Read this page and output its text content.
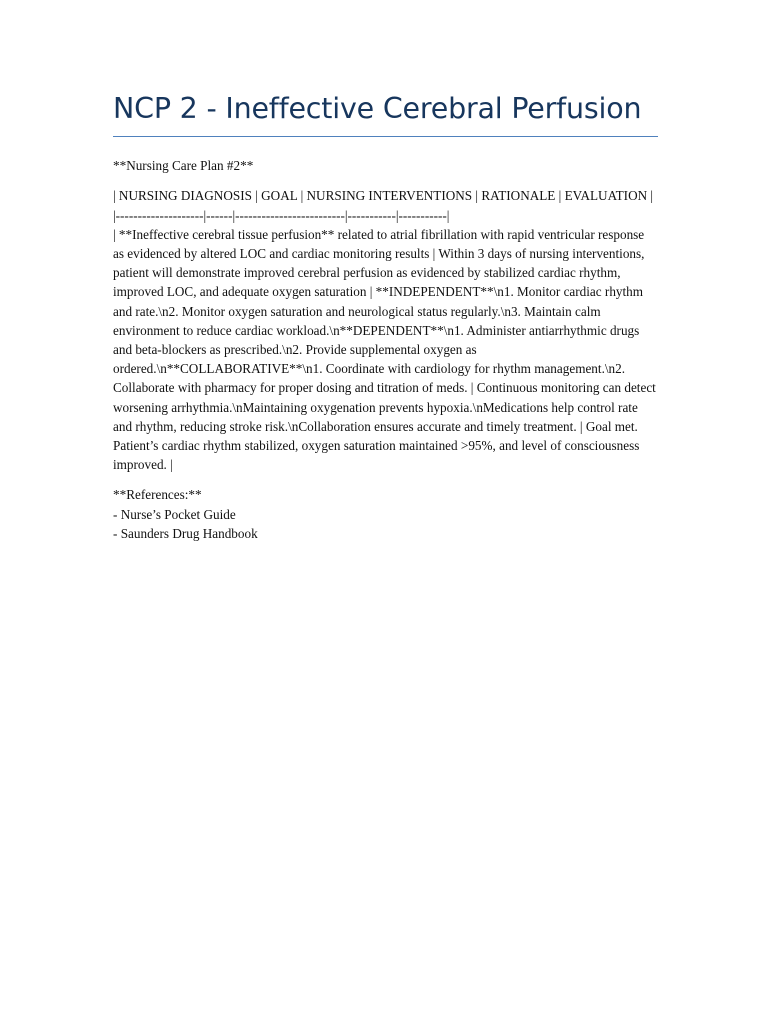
NCP 2 - Ineffective Cerebral Perfusion

**Nursing Care Plan #2**

| NURSING DIAGNOSIS | GOAL | NURSING INTERVENTIONS | RATIONALE | EVALUATION |

|--------------------|------|-------------------------|-----------|-----------|

| **Ineffective cerebral tissue perfusion** related to atrial fibrillation with rapid ventricular response as evidenced by altered LOC and cardiac monitoring results | Within 3 days of nursing interventions, patient will demonstrate improved cerebral perfusion as evidenced by stabilized cardiac rhythm, improved LOC, and adequate oxygen saturation | **INDEPENDENT**\n1. Monitor cardiac rhythm and rate.\n2. Monitor oxygen saturation and neurological status regularly.\n3. Maintain calm environment to reduce cardiac workload.\n**DEPENDENT**\n1. Administer antiarrhythmic drugs and beta-blockers as prescribed.\n2. Provide supplemental oxygen as ordered.\n**COLLABORATIVE**\n1. Coordinate with cardiology for rhythm management.\n2. Collaborate with pharmacy for proper dosing and titration of meds. | Continuous monitoring can detect worsening arrhythmia.\nMaintaining oxygenation prevents hypoxia.\nMedications help control rate and rhythm, reducing stroke risk.\nCollaboration ensures accurate and timely treatment. | Goal met. Patient’s cardiac rhythm stabilized, oxygen saturation maintained >95%, and level of consciousness improved. |

**References:**

- Nurse’s Pocket Guide

- Saunders Drug Handbook
